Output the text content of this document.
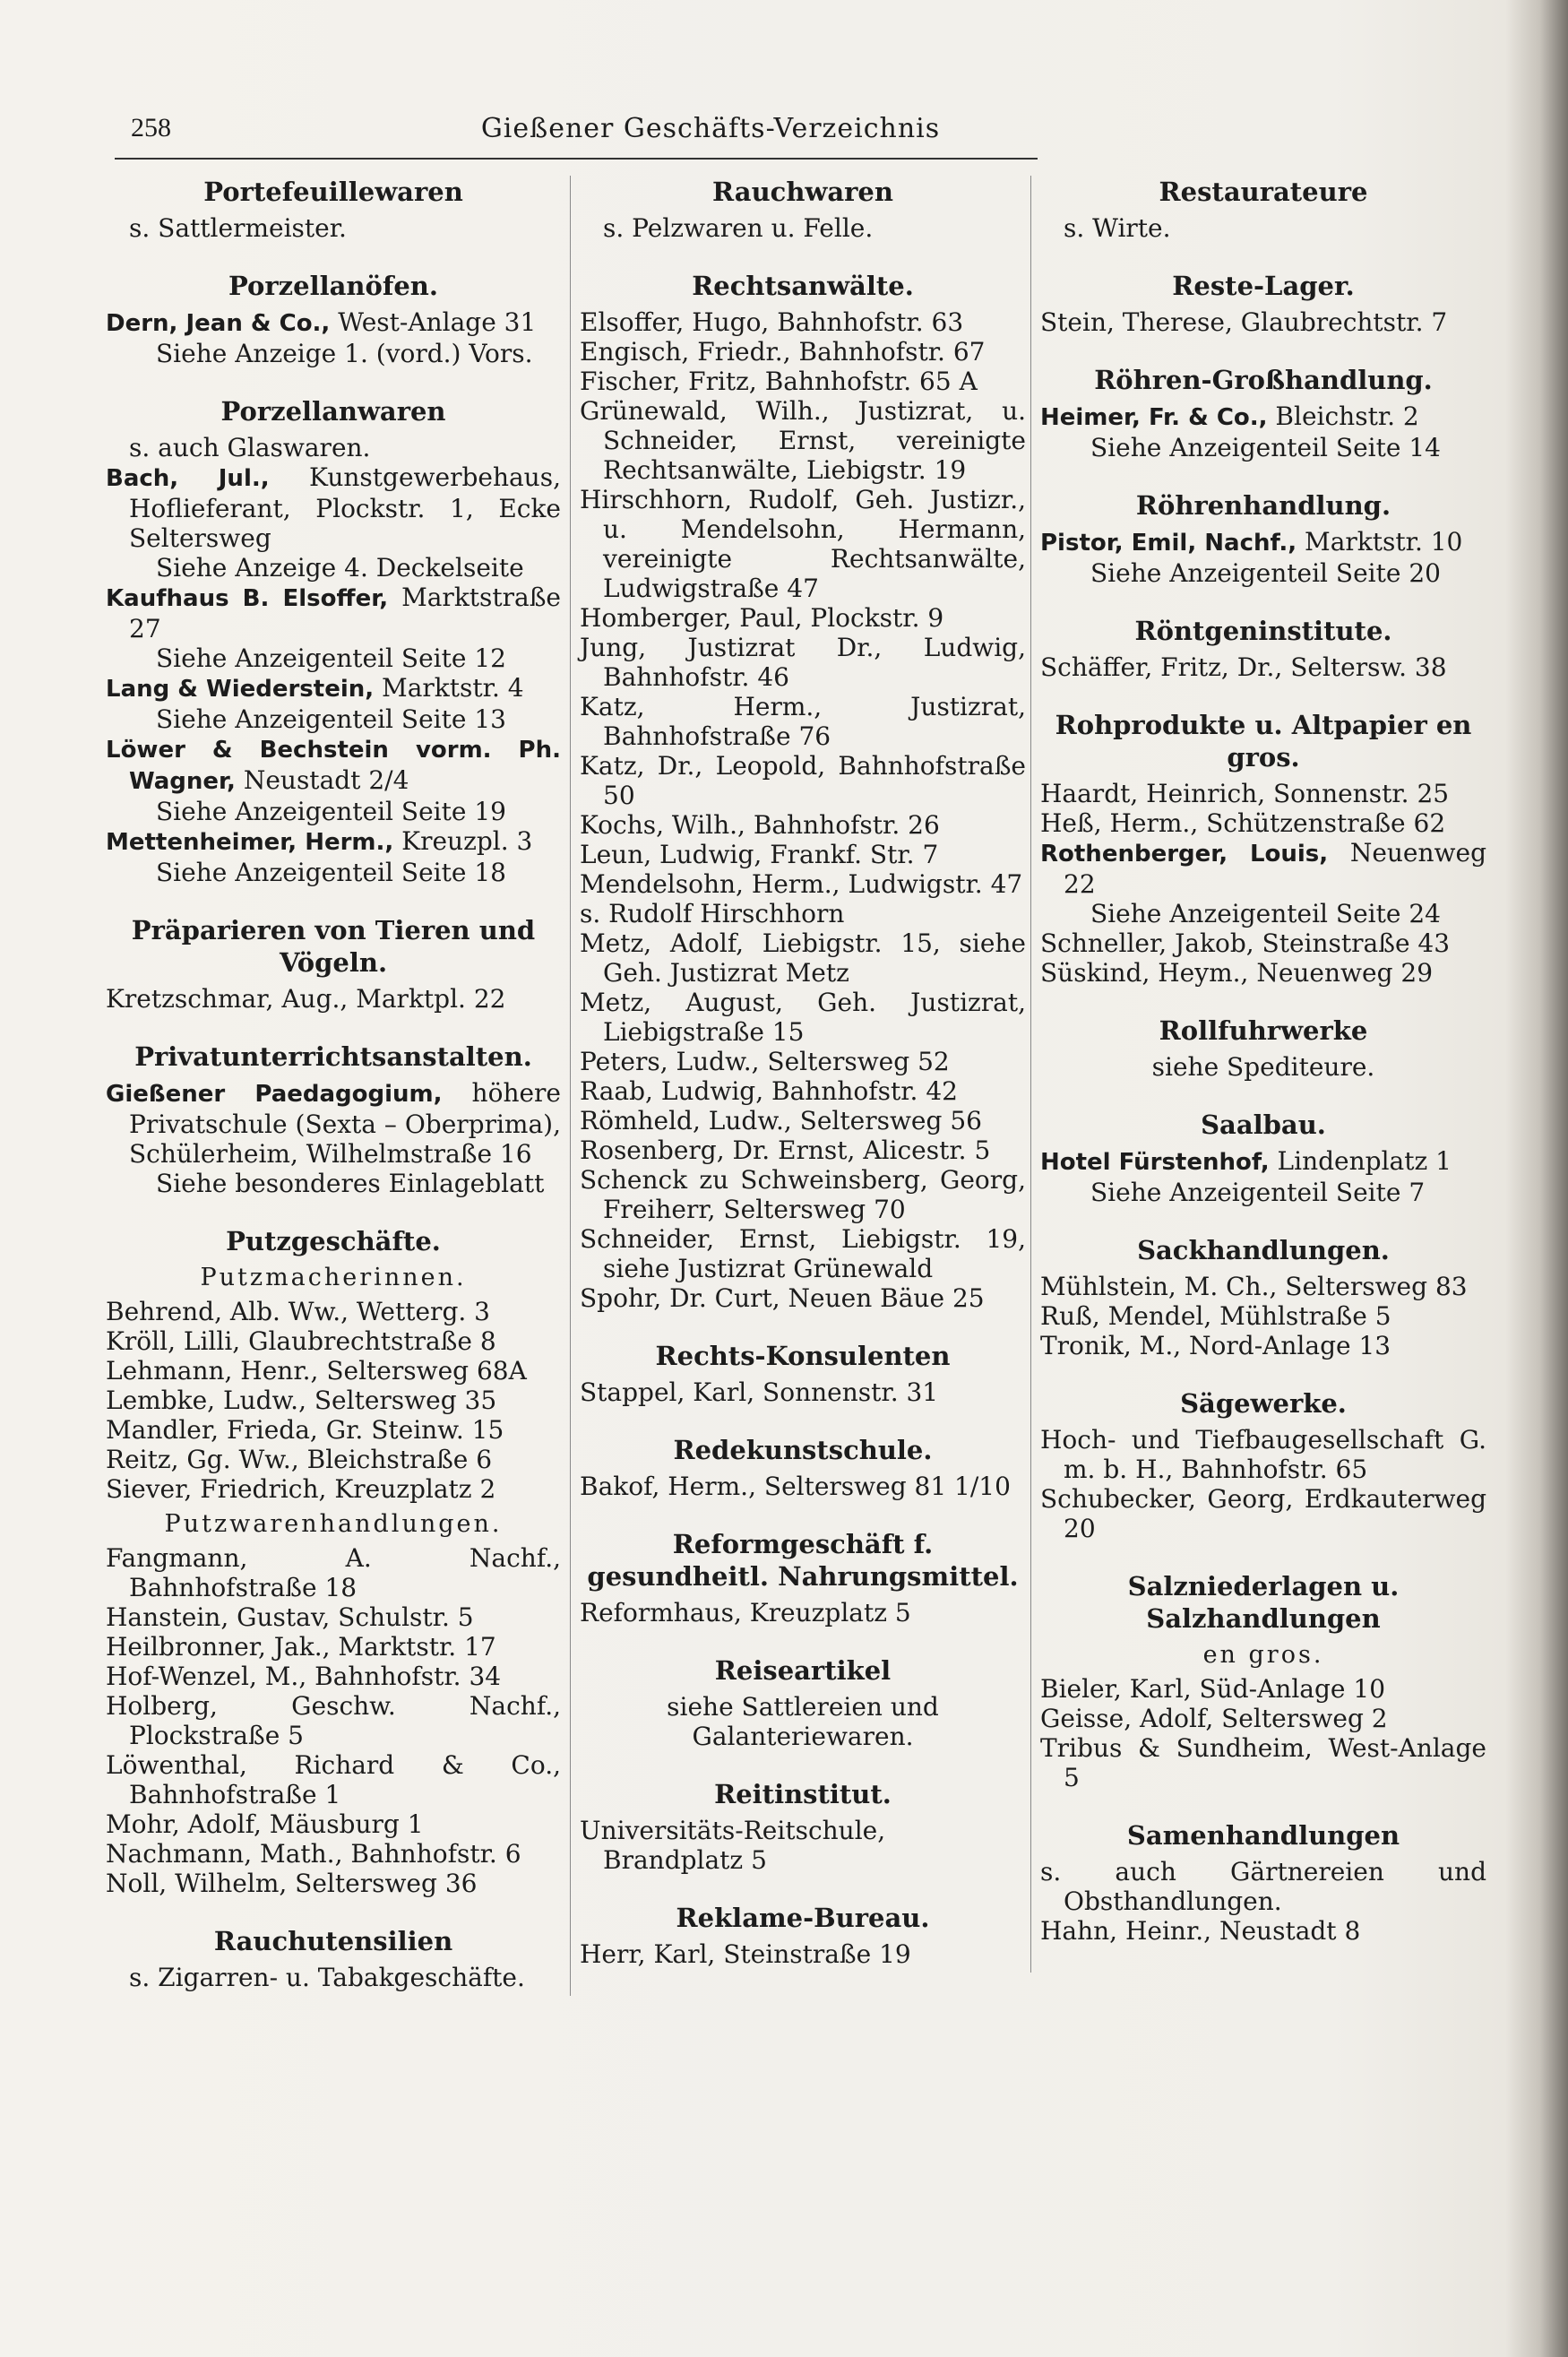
258	Gießener Geschäfts-Verzeichnis
Portefeuillewaren
s. Sattlermeister.
Porzellanöfen.
Dern, Jean & Co., West-Anlage 31
Siehe Anzeige 1. (vord.) Vors.
Porzellanwaren
s. auch Glaswaren.
Bach, Jul., Kunstgewerbehaus, Hoflieferant, Plockstr. 1, Ecke Seltersweg
Siehe Anzeige 4. Deckelseite
Kaufhaus B. Elsoffer, Marktstraße 27
Siehe Anzeigenteil Seite 12
Lang & Wiederstein, Marktstr. 4
Siehe Anzeigenteil Seite 13
Löwer & Bechstein vorm. Ph. Wagner, Neustadt 2/4
Siehe Anzeigenteil Seite 19
Mettenheimer, Herm., Kreuzpl. 3
Siehe Anzeigenteil Seite 18
Präparieren von Tieren und Vögeln.
Kretzschmar, Aug., Marktpl. 22
Privatunterrichtsanstalten.
Gießener Paedagogium, höhere Privatschule (Sexta – Oberprima), Schülerheim, Wilhelmstraße 16
Siehe besonderes Einlageblatt
Putzgeschäfte.
Putzmacherinnen.
Behrend, Alb. Ww., Wetterg. 3
Kröll, Lilli, Glaubrechtstraße 8
Lehmann, Henr., Seltersweg 68A
Lembke, Ludw., Seltersweg 35
Mandler, Frieda, Gr. Steinw. 15
Reitz, Gg. Ww., Bleichstraße 6
Siever, Friedrich, Kreuzplatz 2
Putzwarenhandlungen.
Fangmann, A. Nachf., Bahnhofstraße 18
Hanstein, Gustav, Schulstr. 5
Heilbronner, Jak., Marktstr. 17
Hof-Wenzel, M., Bahnhofstr. 34
Holberg, Geschw. Nachf., Plockstraße 5
Löwenthal, Richard & Co., Bahnhofstraße 1
Mohr, Adolf, Mäusburg 1
Nachmann, Math., Bahnhofstr. 6
Noll, Wilhelm, Seltersweg 36
Rauchutensilien
s. Zigarren- u. Tabakgeschäfte.
Rauchwaren
s. Pelzwaren u. Felle.
Rechtsanwälte.
Elsoffer, Hugo, Bahnhofstr. 63
Engisch, Friedr., Bahnhofstr. 67
Fischer, Fritz, Bahnhofstr. 65 A
Grünewald, Wilh., Justizrat, u. Schneider, Ernst, vereinigte Rechtsanwälte, Liebigstr. 19
Hirschhorn, Rudolf, Geh. Justizr., u. Mendelsohn, Hermann, vereinigte Rechtsanwälte, Ludwigstraße 47
Homberger, Paul, Plockstr. 9
Jung, Justizrat Dr., Ludwig, Bahnhofstr. 46
Katz, Herm., Justizrat, Bahnhofstraße 76
Katz, Dr., Leopold, Bahnhofstraße 50
Kochs, Wilh., Bahnhofstr. 26
Leun, Ludwig, Frankf. Str. 7
Mendelsohn, Herm., Ludwigstr. 47
s. Rudolf Hirschhorn
Metz, Adolf, Liebigstr. 15, siehe Geh. Justizrat Metz
Metz, August, Geh. Justizrat, Liebigstraße 15
Peters, Ludw., Seltersweg 52
Raab, Ludwig, Bahnhofstr. 42
Römheld, Ludw., Seltersweg 56
Rosenberg, Dr. Ernst, Alicestr. 5
Schenck zu Schweinsberg, Georg, Freiherr, Seltersweg 70
Schneider, Ernst, Liebigstr. 19, siehe Justizrat Grünewald
Spohr, Dr. Curt, Neuen Bäue 25
Rechts-Konsulenten
Stappel, Karl, Sonnenstr. 31
Redekunstschule.
Bakof, Herm., Seltersweg 81 1/10
Reformgeschäft f. gesundheitl. Nahrungsmittel.
Reformhaus, Kreuzplatz 5
Reiseartikel
siehe Sattlereien und
Galanteriewaren.
Reitinstitut.
Universitäts-Reitschule, Brandplatz 5
Reklame-Bureau.
Herr, Karl, Steinstraße 19
Restaurateure
s. Wirte.
Reste-Lager.
Stein, Therese, Glaubrechtstr. 7
Röhren-Großhandlung.
Heimer, Fr. & Co., Bleichstr. 2
Siehe Anzeigenteil Seite 14
Röhrenhandlung.
Pistor, Emil, Nachf., Marktstr. 10
Siehe Anzeigenteil Seite 20
Röntgeninstitute.
Schäffer, Fritz, Dr., Seltersw. 38
Rohprodukte u. Altpapier en gros.
Haardt, Heinrich, Sonnenstr. 25
Heß, Herm., Schützenstraße 62
Rothenberger, Louis, Neuenweg 22
Siehe Anzeigenteil Seite 24
Schneller, Jakob, Steinstraße 43
Süskind, Heym., Neuenweg 29
Rollfuhrwerke
siehe Spediteure.
Saalbau.
Hotel Fürstenhof, Lindenplatz 1
Siehe Anzeigenteil Seite 7
Sackhandlungen.
Mühlstein, M. Ch., Seltersweg 83
Ruß, Mendel, Mühlstraße 5
Tronik, M., Nord-Anlage 13
Sägewerke.
Hoch- und Tiefbaugesellschaft G. m. b. H., Bahnhofstr. 65
Schubecker, Georg, Erdkauterweg 20
Salzniederlagen u. Salzhandlungen
en gros.
Bieler, Karl, Süd-Anlage 10
Geisse, Adolf, Seltersweg 2
Tribus & Sundheim, West-Anlage 5
Samenhandlungen
s. auch Gärtnereien und Obsthandlungen.
Hahn, Heinr., Neustadt 8
